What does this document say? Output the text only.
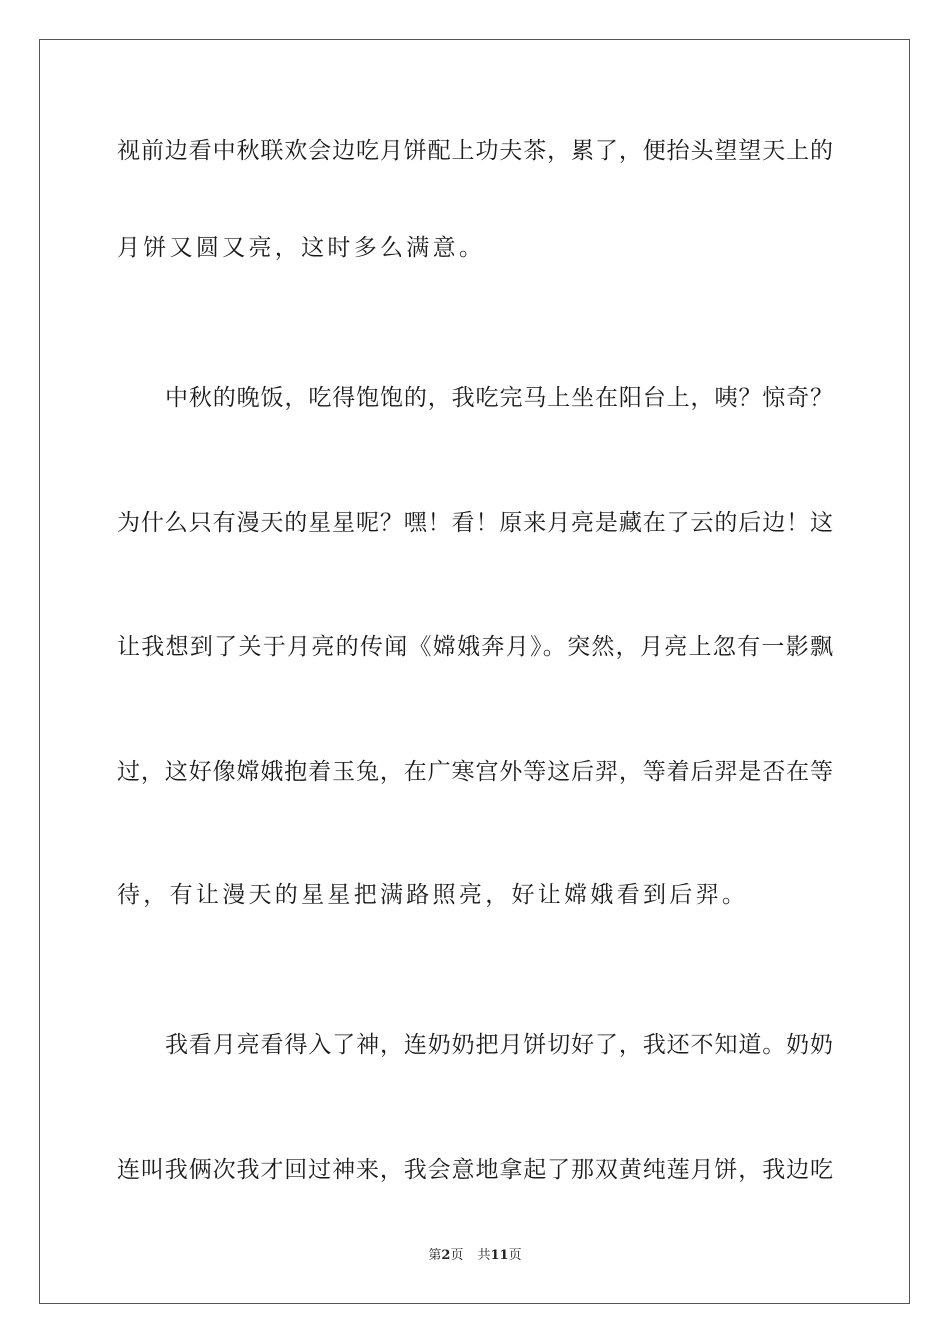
视前边看中秋联欢会边吃月饼配上功夫茶，累了，便抬头望望天上的
月饼又圆又亮，这时多么满意。
中秋的晚饭，吃得饱饱的，我吃完马上坐在阳台上，咦？惊奇？
为什么只有漫天的星星呢？嘿！看！原来月亮是藏在了云的后边！这
让我想到了关于月亮的传闻《嫦娥奔月》。突然，月亮上忽有一影飘
过，这好像嫦娥抱着玉兔，在广寒宫外等这后羿，等着后羿是否在等
待，有让漫天的星星把满路照亮，好让嫦娥看到后羿。
我看月亮看得入了神，连奶奶把月饼切好了，我还不知道。奶奶
连叫我俩次我才回过神来，我会意地拿起了那双黄纯莲月饼，我边吃
第2页 共11页
